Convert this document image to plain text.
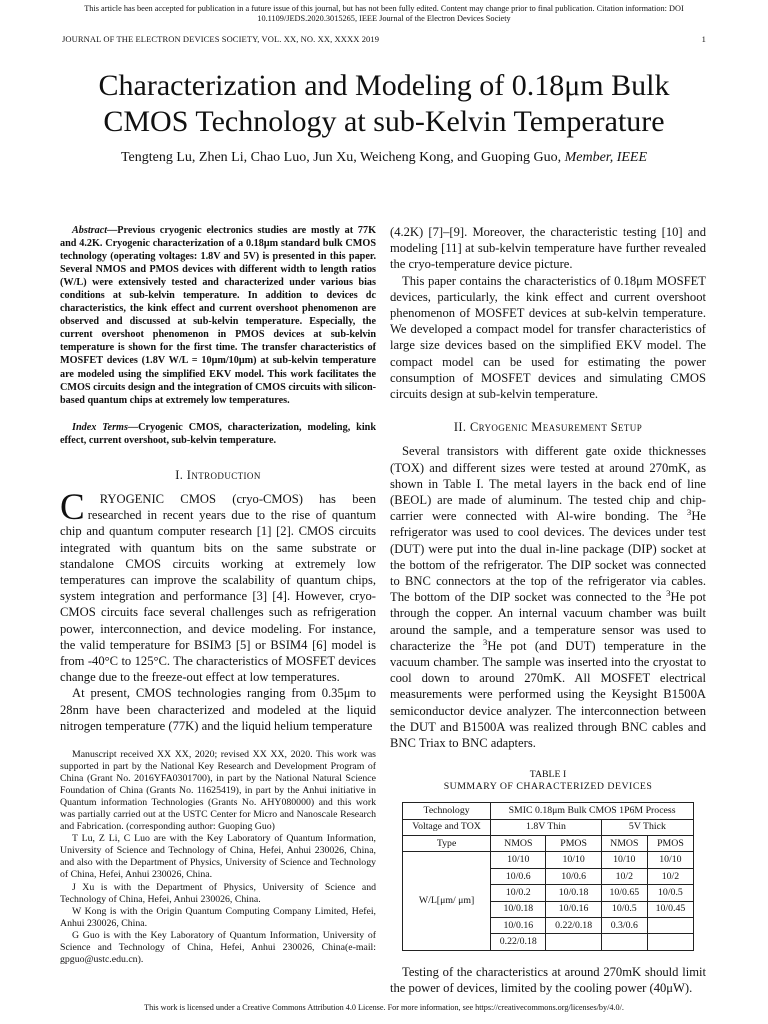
This article has been accepted for publication in a future issue of this journal, but has not been fully edited. Content may change prior to final publication. Citation information: DOI 10.1109/JEDS.2020.3015265, IEEE Journal of the Electron Devices Society
JOURNAL OF THE ELECTRON DEVICES SOCIETY, VOL. XX, NO. XX, XXXX 2019	1
Characterization and Modeling of 0.18μm Bulk
CMOS Technology at sub-Kelvin Temperature
Tengteng Lu, Zhen Li, Chao Luo, Jun Xu, Weicheng Kong, and Guoping Guo, Member, IEEE
Abstract—Previous cryogenic electronics studies are mostly at 77K and 4.2K. Cryogenic characterization of a 0.18μm standard bulk CMOS technology (operating voltages: 1.8V and 5V) is presented in this paper. Several NMOS and PMOS devices with different width to length ratios (W/L) were extensively tested and characterized under various bias conditions at sub-kelvin temperature. In addition to devices dc characteristics, the kink effect and current overshoot phenomenon are observed and discussed at sub-kelvin temperature. Especially, the current overshoot phenomenon in PMOS devices at sub-kelvin temperature is shown for the first time. The transfer characteristics of MOSFET devices (1.8V W/L = 10μm/10μm) at sub-kelvin temperature are modeled using the simplified EKV model. This work facilitates the CMOS circuits design and the integration of CMOS circuits with silicon-based quantum chips at extremely low temperatures.
Index Terms—Cryogenic CMOS, characterization, modeling, kink effect, current overshoot, sub-kelvin temperature.
I. Introduction

C RYOGENIC CMOS (cryo-CMOS) has been researched in recent years due to the rise of quantum chip and quantum computer research [1] [2]. CMOS circuits integrated with quantum bits on the same substrate or standalone CMOS circuits working at extremely low temperatures can improve the scalability of quantum chips, system integration and performance [3] [4]. However, cryo-CMOS circuits face several challenges such as refrigeration power, interconnection, and device modeling. For instance, the valid temperature for BSIM3 [5] or BSIM4 [6] model is from -40°C to 125°C. The characteristics of MOSFET devices change due to the freeze-out effect at low temperatures.

At present, CMOS technologies ranging from 0.35μm to 28nm have been characterized and modeled at the liquid nitrogen temperature (77K) and the liquid helium temperature

Manuscript received XX XX, 2020; revised XX XX, 2020. This work was supported in part by the National Key Research and Development Program of China (Grant No. 2016YFA0301700), in part by the National Natural Science Foundation of China (Grants No. 11625419), in part by the Anhui initiative in Quantum information Technologies (Grants No. AHY080000) and this work was partially carried out at the USTC Center for Micro and Nanoscale Research and Fabrication. (corresponding author: Guoping Guo)

T Lu, Z Li, C Luo are with the Key Laboratory of Quantum Information, University of Science and Technology of China, Hefei, Anhui 230026, China, and also with the Department of Physics, University of Science and Technology of China, Hefei, Anhui 230026, China.

J Xu is with the Department of Physics, University of Science and Technology of China, Hefei, Anhui 230026, China.

W Kong is with the Origin Quantum Computing Company Limited, Hefei, Anhui 230026, China.

G Guo is with the Key Laboratory of Quantum Information, University of Science and Technology of China, Hefei, Anhui 230026, China(e-mail: gpguo@ustc.edu.cn).

(4.2K) [7]–[9]. Moreover, the characteristic testing [10] and modeling [11] at sub-kelvin temperature have further revealed the cryo-temperature device picture.

This paper contains the characteristics of 0.18μm MOSFET devices, particularly, the kink effect and current overshoot phenomenon of MOSFET devices at sub-kelvin temperature. We developed a compact model for transfer characteristics of large size devices based on the simplified EKV model. The compact model can be used for estimating the power consumption of MOSFET devices and simulating CMOS circuits design at sub-kelvin temperature.

II. Cryogenic Measurement Setup

Several transistors with different gate oxide thicknesses (TOX) and different sizes were tested at around 270mK, as shown in Table I. The metal layers in the back end of line (BEOL) are made of aluminum. The tested chip and chip-carrier were connected with Al-wire bonding. The $^3$He refrigerator was used to cool devices. The devices under test (DUT) were put into the dual in-line package (DIP) socket at the bottom of the refrigerator. The DIP socket was connected to BNC connectors at the top of the refrigerator via cables. The bottom of the DIP socket was connected to the $^3$He pot through the copper. An internal vacuum chamber was built around the sample, and a temperature sensor was used to characterize the $^3$He pot (and DUT) temperature in the vacuum chamber. The sample was inserted into the cryostat to cool down to around 270mK. All MOSFET electrical measurements were performed using the Keysight B1500A semiconductor device analyzer. The interconnection between the DUT and B1500A was realized through BNC cables and BNC Triax to BNC adapters.

TABLE I
SUMMARY OF CHARACTERIZED DEVICES
Technology	SMIC 0.18μm Bulk CMOS 1P6M Process			
Voltage and TOX	1.8V Thin		5V Thick	
Type	NMOS	PMOS	NMOS	PMOS
W/L[μm/ μm]	10/10	10/10	10/10	10/10
	10/0.6	10/0.6	10/2	10/2
	10/0.2	10/0.18	10/0.65	10/0.5
	10/0.18	10/0.16	10/0.5	10/0.45
	10/0.16	0.22/0.18	0.3/0.6	
	0.22/0.18			

Testing of the characteristics at around 270mK should limit the power of devices, limited by the cooling power (40μW).

This work is licensed under a Creative Commons Attribution 4.0 License. For more information, see https://creativecommons.org/licenses/by/4.0/.
